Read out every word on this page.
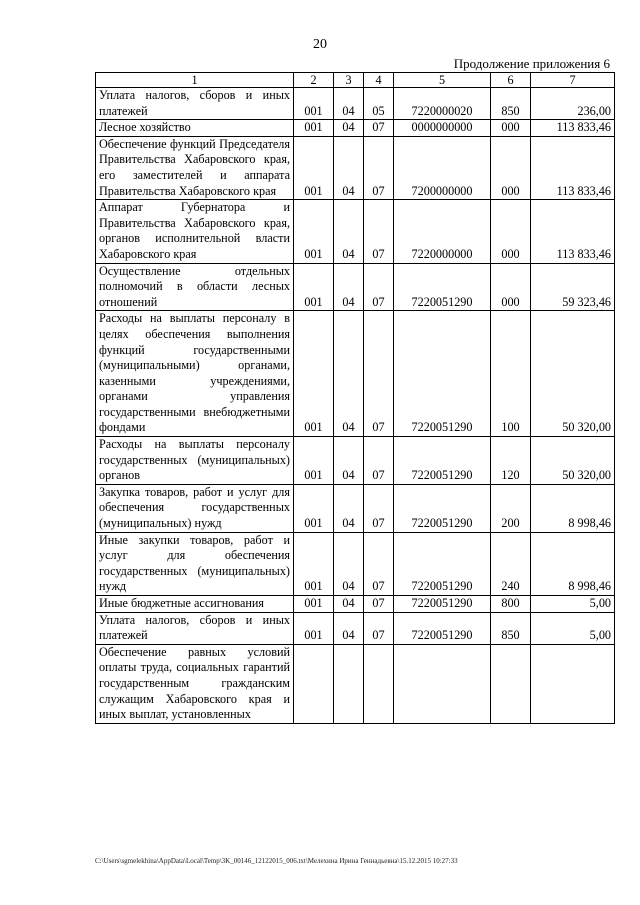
20
Продолжение приложения 6
1	2	3	4	5	6	7
Уплата налогов, сборов и иных платежей	001	04	05	7220000020	850	236,00
Лесное хозяйство	001	04	07	0000000000	000	113 833,46
Обеспечение функций Председателя Правительства Хабаровского края, его заместителей и аппарата Правительства Хабаровского края	001	04	07	7200000000	000	113 833,46
Аппарат Губернатора и Правительства Хабаровского края, органов исполнительной власти Хабаровского края	001	04	07	7220000000	000	113 833,46
Осуществление отдельных полномочий в области лесных отношений	001	04	07	7220051290	000	59 323,46
Расходы на выплаты персоналу в целях обеспечения выполнения функций государственными (муниципальными) органами, казенными учреждениями, органами управления государственными внебюджетными фондами	001	04	07	7220051290	100	50 320,00
Расходы на выплаты персоналу государственных (муниципальных) органов	001	04	07	7220051290	120	50 320,00
Закупка товаров, работ и услуг для обеспечения государственных (муниципальных) нужд	001	04	07	7220051290	200	8 998,46
Иные закупки товаров, работ и услуг для обеспечения государственных (муниципальных) нужд	001	04	07	7220051290	240	8 998,46
Иные бюджетные ассигнования	001	04	07	7220051290	800	5,00
Уплата налогов, сборов и иных платежей	001	04	07	7220051290	850	5,00
Обеспечение равных условий оплаты труда, социальных гарантий государственным гражданским служащим Хабаровского края и иных выплат, установленных						
C:\Users\sgmelekhina\AppData\Local\Temp\3K_00146_12122015_006.txt\Мелехина Ирина Геннадьевна\15.12.2015 10:27:33
